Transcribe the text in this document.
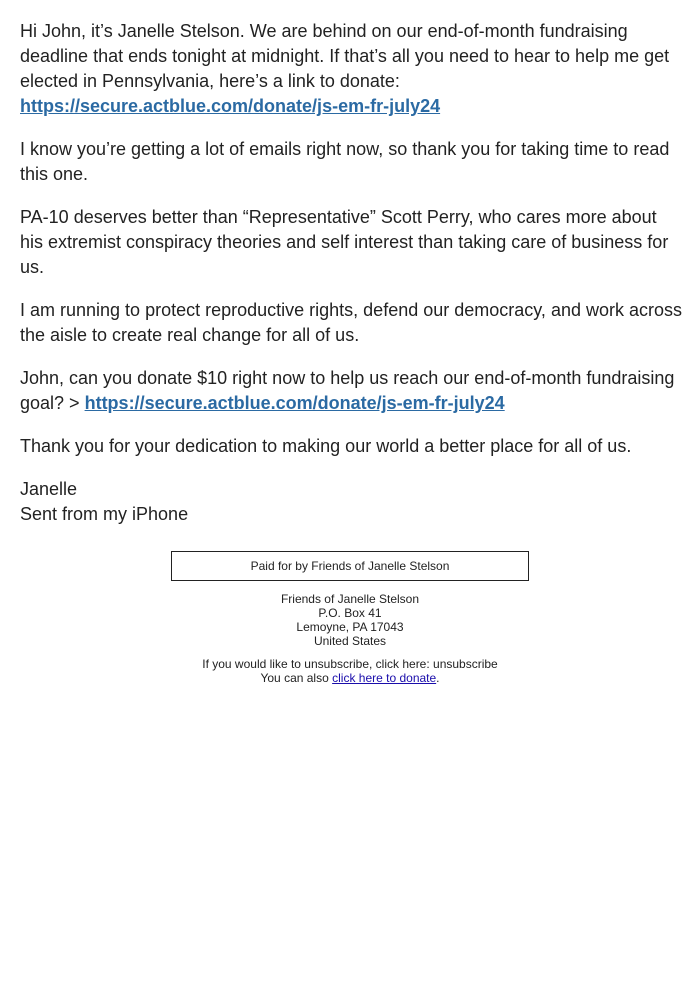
Hi John, it’s Janelle Stelson. We are behind on our end-of-month fundraising deadline that ends tonight at midnight. If that’s all you need to hear to help me get elected in Pennsylvania, here’s a link to donate:
https://secure.actblue.com/donate/js-em-fr-july24

I know you’re getting a lot of emails right now, so thank you for taking time to read this one.

PA-10 deserves better than “Representative” Scott Perry, who cares more about his extremist conspiracy theories and self interest than taking care of business for us.

I am running to protect reproductive rights, defend our democracy, and work across the aisle to create real change for all of us.

John, can you donate $10 right now to help us reach our end-of-month fundraising goal? > https://secure.actblue.com/donate/js-em-fr-july24

Thank you for your dedication to making our world a better place for all of us.

Janelle
Sent from my iPhone

Paid for by Friends of Janelle Stelson
Friends of Janelle Stelson
P.O. Box 41
Lemoyne, PA 17043
United States
If you would like to unsubscribe, click here: unsubscribe
You can also click here to donate.
